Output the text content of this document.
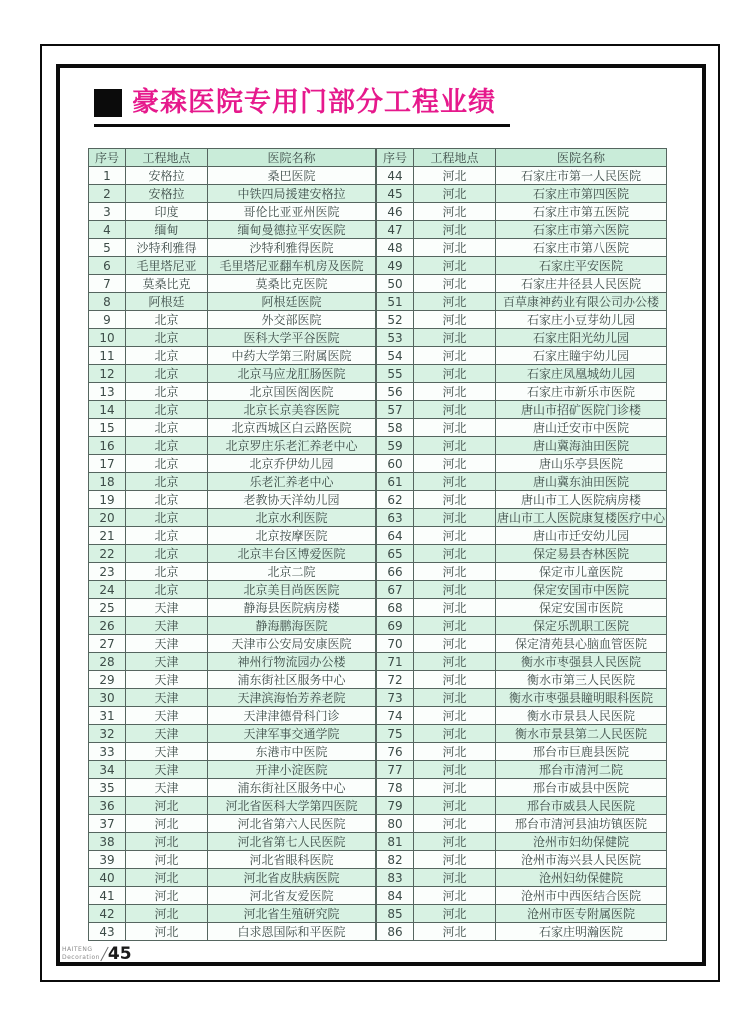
豪森医院专用门部分工程业绩
序号	工程地点	医院名称
1	安格拉	桑巴医院
2	安格拉	中铁四局援建安格拉
3	印度	哥伦比亚亚州医院
4	缅甸	缅甸曼德拉平安医院
5	沙特利雅得	沙特利雅得医院
6	毛里塔尼亚	毛里塔尼亚翻车机房及医院
7	莫桑比克	莫桑比克医院
8	阿根廷	阿根廷医院
9	北京	外交部医院
10	北京	医科大学平谷医院
11	北京	中药大学第三附属医院
12	北京	北京马应龙肛肠医院
13	北京	北京国医阁医院
14	北京	北京长京美容医院
15	北京	北京西城区白云路医院
16	北京	北京罗庄乐老汇养老中心
17	北京	北京乔伊幼儿园
18	北京	乐老汇养老中心
19	北京	老教协天洋幼儿园
20	北京	北京水利医院
21	北京	北京按摩医院
22	北京	北京丰台区博爱医院
23	北京	北京二院
24	北京	北京美目尚医医院
25	天津	静海县医院病房楼
26	天津	静海鹏海医院
27	天津	天津市公安局安康医院
28	天津	神州行物流园办公楼
29	天津	浦东街社区服务中心
30	天津	天津滨海怡芳养老院
31	天津	天津津德骨科门诊
32	天津	天津军事交通学院
33	天津	东港市中医院
34	天津	开津小淀医院
35	天津	浦东街社区服务中心
36	河北	河北省医科大学第四医院
37	河北	河北省第六人民医院
38	河北	河北省第七人民医院
39	河北	河北省眼科医院
40	河北	河北省皮肤病医院
41	河北	河北省友爱医院
42	河北	河北省生殖研究院
43	河北	白求恩国际和平医院
序号	工程地点	医院名称
44	河北	石家庄市第一人民医院
45	河北	石家庄市第四医院
46	河北	石家庄市第五医院
47	河北	石家庄市第六医院
48	河北	石家庄市第八医院
49	河北	石家庄平安医院
50	河北	石家庄井径县人民医院
51	河北	百草康神药业有限公司办公楼
52	河北	石家庄小豆芽幼儿园
53	河北	石家庄阳光幼儿园
54	河北	石家庄瞳宇幼儿园
55	河北	石家庄凤凰城幼儿园
56	河北	石家庄市新乐市医院
57	河北	唐山市招矿医院门诊楼
58	河北	唐山迁安市中医院
59	河北	唐山冀海油田医院
60	河北	唐山乐亭县医院
61	河北	唐山冀东油田医院
62	河北	唐山市工人医院病房楼
63	河北	唐山市工人医院康复楼医疗中心
64	河北	唐山市迁安幼儿园
65	河北	保定易县杏林医院
66	河北	保定市儿童医院
67	河北	保定安国市中医院
68	河北	保定安国市医院
69	河北	保定乐凯职工医院
70	河北	保定清苑县心脑血管医院
71	河北	衡水市枣强县人民医院
72	河北	衡水市第三人民医院
73	河北	衡水市枣强县瞳明眼科医院
74	河北	衡水市景县人民医院
75	河北	衡水市景县第二人民医院
76	河北	邢台市巨鹿县医院
77	河北	邢台市清河二院
78	河北	邢台市威县中医院
79	河北	邢台市威县人民医院
80	河北	邢台市清河县油坊镇医院
81	河北	沧州市妇幼保健院
82	河北	沧州市海兴县人民医院
83	河北	沧州妇幼保健院
84	河北	沧州市中西医结合医院
85	河北	沧州市医专附属医院
86	河北	石家庄明瀚医院
HAITENG
Decoration 45
